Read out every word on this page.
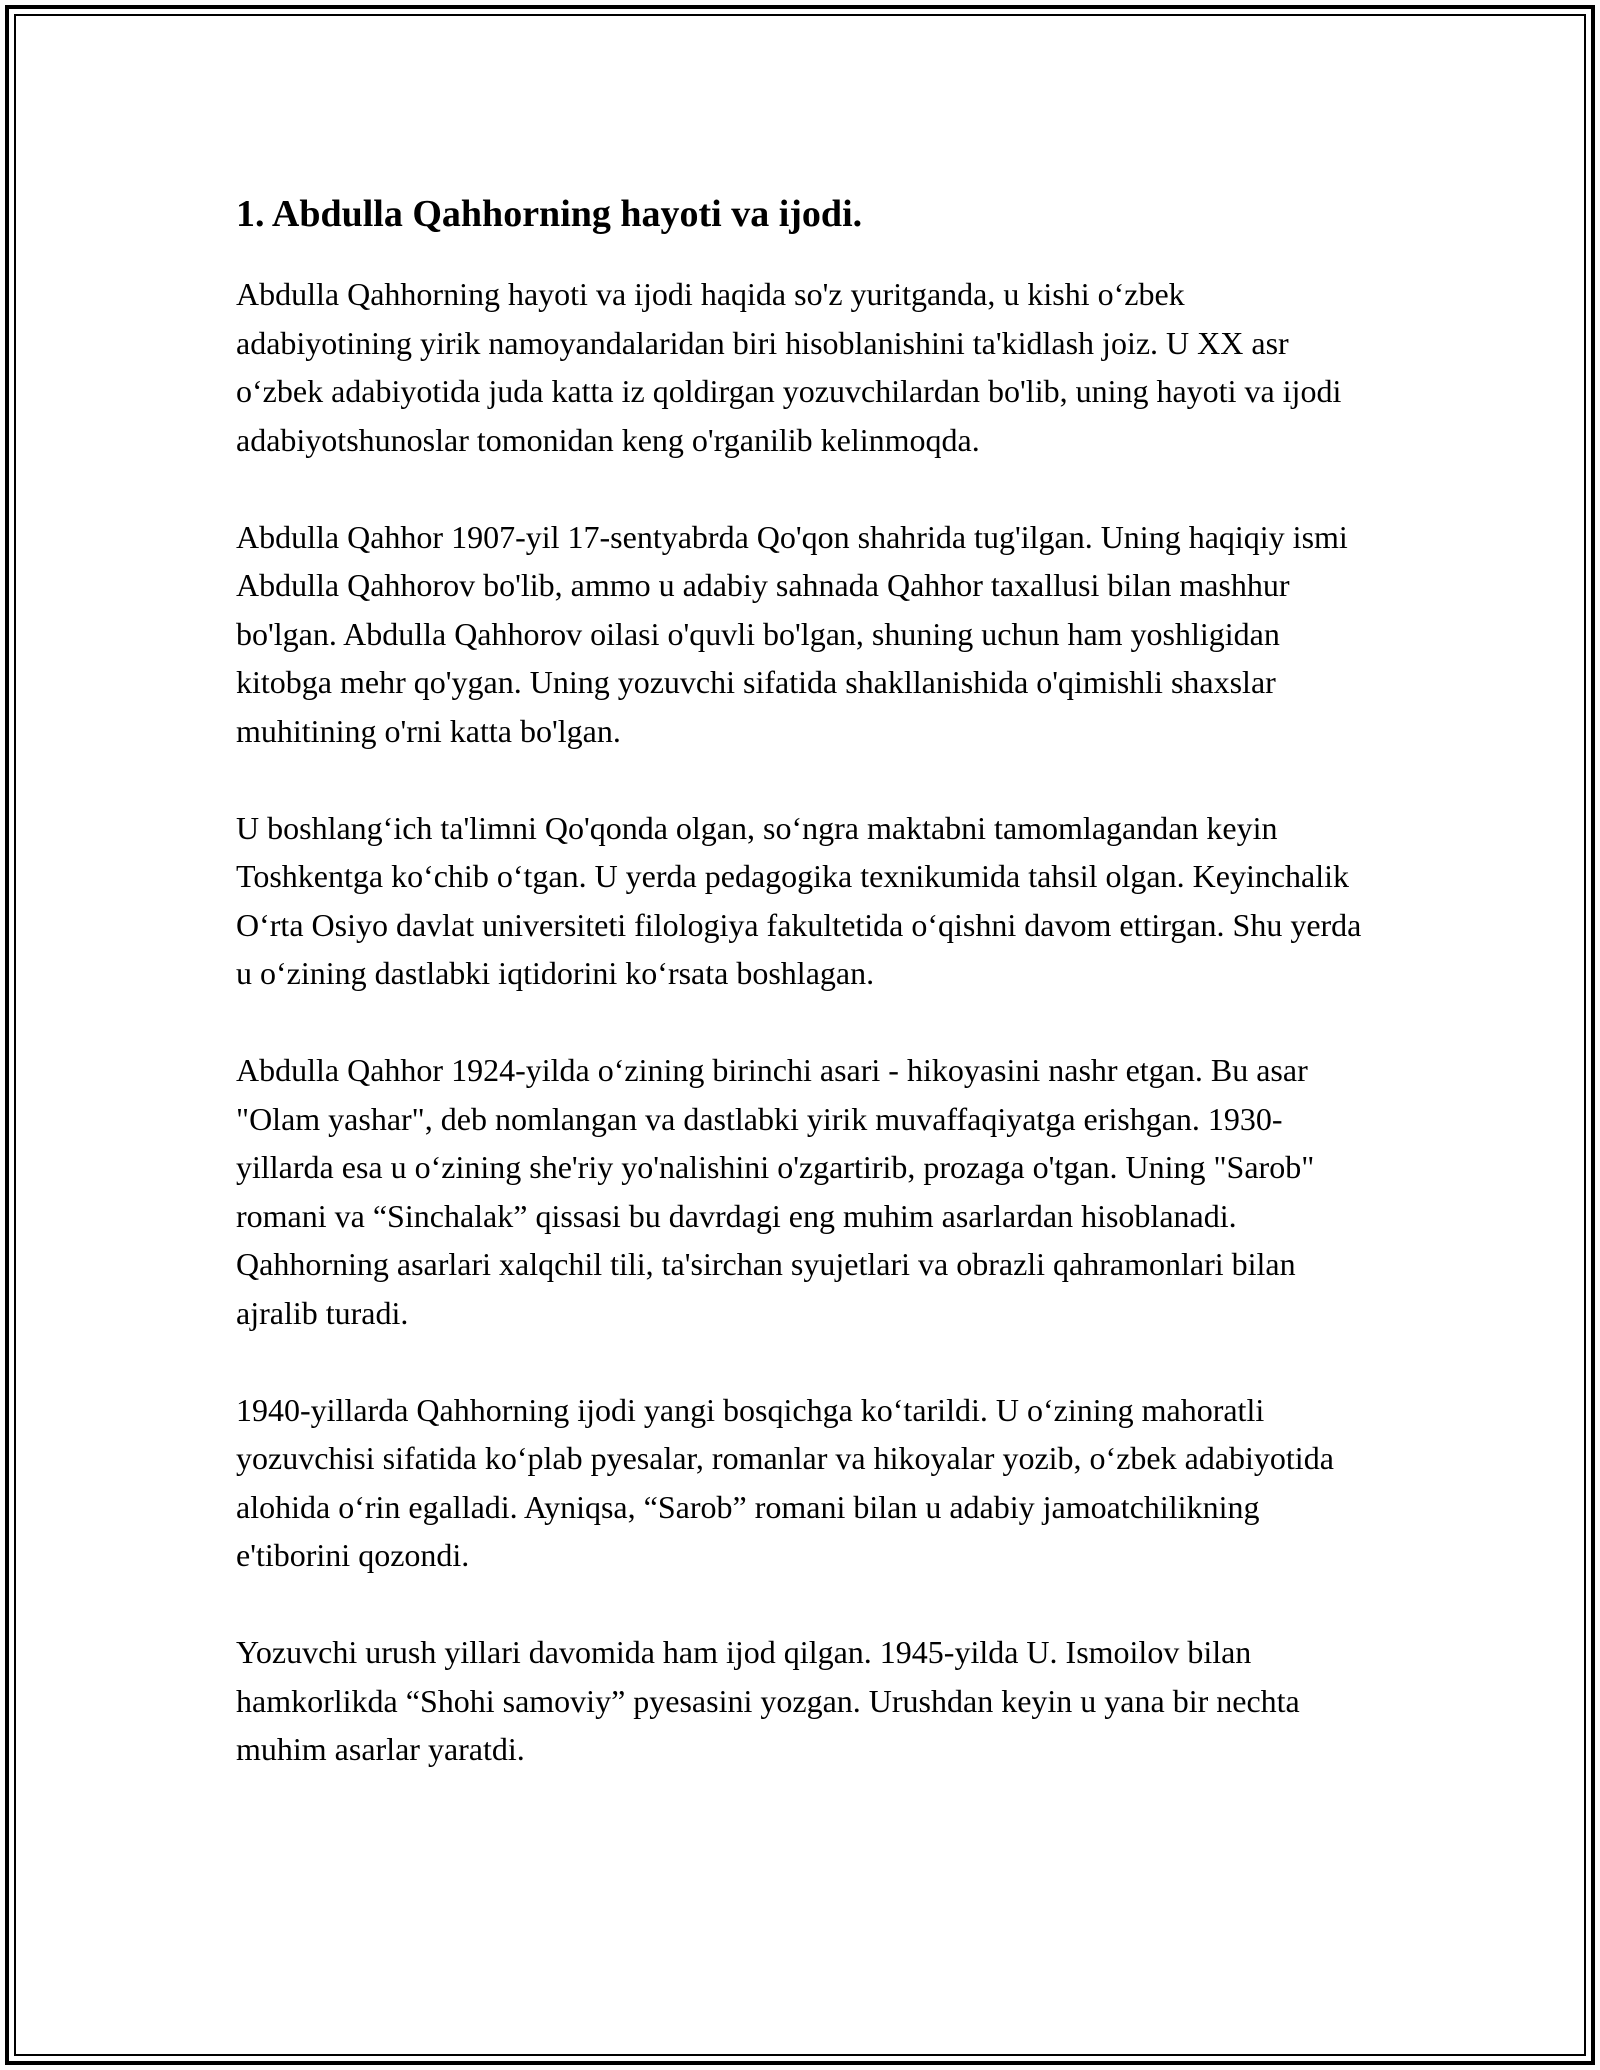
1. Abdulla Qahhorning hayoti va ijodi.

Abdulla Qahhorning hayoti va ijodi haqida so'z yuritganda, u kishi o‘zbek adabiyotining yirik namoyandalaridan biri hisoblanishini ta'kidlash joiz. U XX asr o‘zbek adabiyotida juda katta iz qoldirgan yozuvchilardan bo'lib, uning hayoti va ijodi adabiyotshunoslar tomonidan keng o'rganilib kelinmoqda.

Abdulla Qahhor 1907-yil 17-sentyabrda Qo'qon shahrida tug'ilgan. Uning haqiqiy ismi Abdulla Qahhorov bo'lib, ammo u adabiy sahnada Qahhor taxallusi bilan mashhur bo'lgan. Abdulla Qahhorov oilasi o'quvli bo'lgan, shuning uchun ham yoshligidan kitobga mehr qo'ygan. Uning yozuvchi sifatida shakllanishida o'qimishli shaxslar muhitining o'rni katta bo'lgan.

U boshlang‘ich ta'limni Qo'qonda olgan, so‘ngra maktabni tamomlagandan keyin Toshkentga ko‘chib o‘tgan. U yerda pedagogika texnikumida tahsil olgan. Keyinchalik O‘rta Osiyo davlat universiteti filologiya fakultetida o‘qishni davom ettirgan. Shu yerda u o‘zining dastlabki iqtidorini ko‘rsata boshlagan.

Abdulla Qahhor 1924-yilda o‘zining birinchi asari - hikoyasini nashr etgan. Bu asar "Olam yashar", deb nomlangan va dastlabki yirik muvaffaqiyatga erishgan. 1930-yillarda esa u o‘zining she'riy yo'nalishini o'zgartirib, prozaga o'tgan. Uning "Sarob" romani va “Sinchalak” qissasi bu davrdagi eng muhim asarlardan hisoblanadi. Qahhorning asarlari xalqchil tili, ta'sirchan syujetlari va obrazli qahramonlari bilan ajralib turadi.

1940-yillarda Qahhorning ijodi yangi bosqichga ko‘tarildi. U o‘zining mahoratli yozuvchisi sifatida ko‘plab pyesalar, romanlar va hikoyalar yozib, o‘zbek adabiyotida alohida o‘rin egalladi. Ayniqsa, “Sarob” romani bilan u adabiy jamoatchilikning e'tiborini qozondi.

Yozuvchi urush yillari davomida ham ijod qilgan. 1945-yilda U. Ismoilov bilan hamkorlikda “Shohi samoviy” pyesasini yozgan. Urushdan keyin u yana bir nechta muhim asarlar yaratdi.
